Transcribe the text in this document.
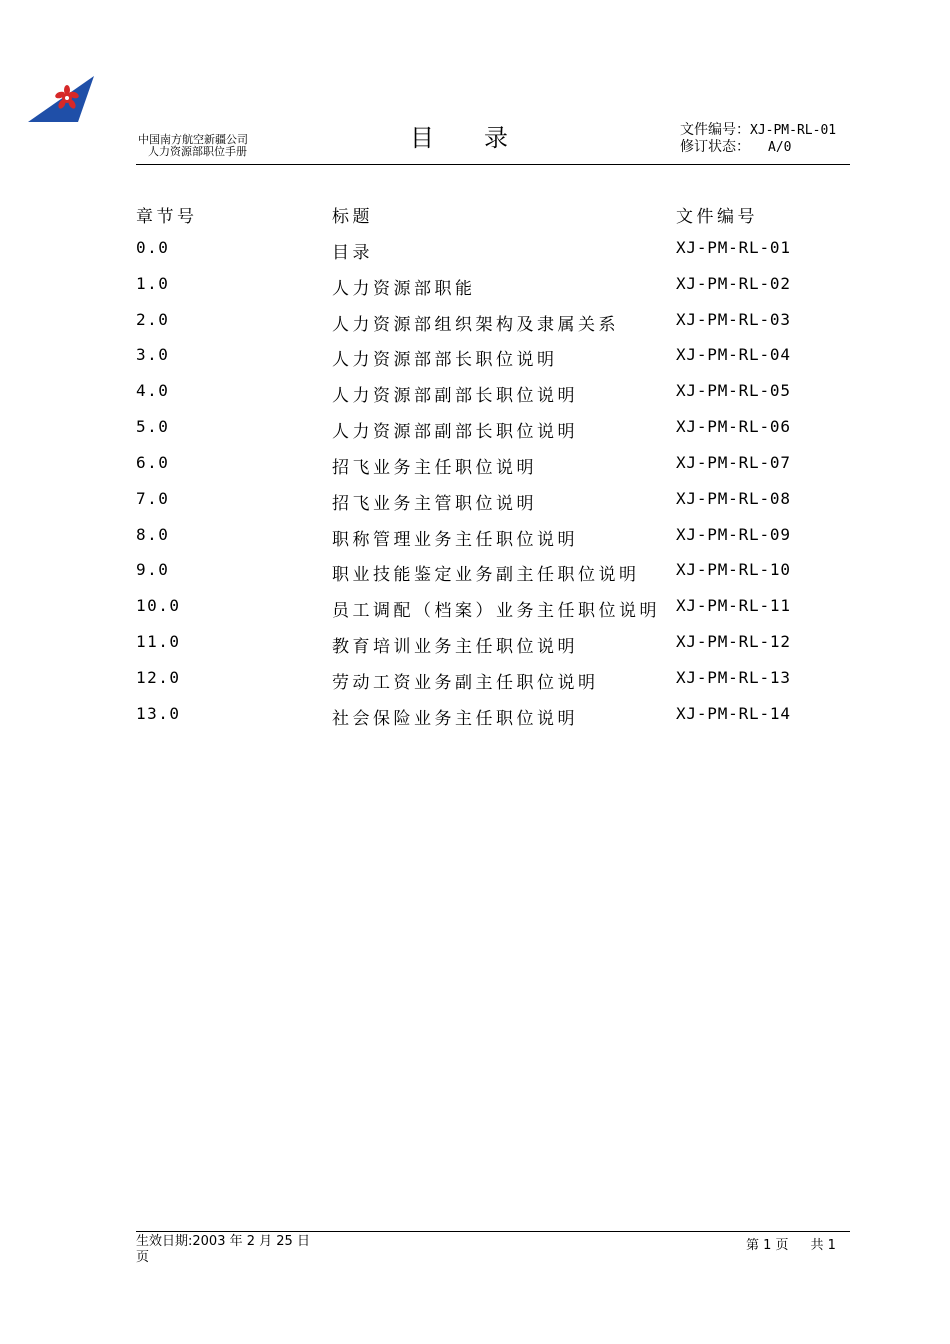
中国南方航空新疆公司
人力资源部职位手册	目录	文件编号：XJ-PM-RL-01
修订状态： A/0
章节号	标题	文件编号
0.0	目录	XJ-PM-RL-01
1.0	人力资源部职能	XJ-PM-RL-02
2.0	人力资源部组织架构及隶属关系	XJ-PM-RL-03
3.0	人力资源部部长职位说明	XJ-PM-RL-04
4.0	人力资源部副部长职位说明	XJ-PM-RL-05
5.0	人力资源部副部长职位说明	XJ-PM-RL-06
6.0	招飞业务主任职位说明	XJ-PM-RL-07
7.0	招飞业务主管职位说明	XJ-PM-RL-08
8.0	职称管理业务主任职位说明	XJ-PM-RL-09
9.0	职业技能鉴定业务副主任职位说明 XJ-PM-RL-10
10.0	员工调配（档案）业务主任职位说明 XJ-PM-RL-11
11.0	教育培训业务主任职位说明	XJ-PM-RL-12
12.0	劳动工资业务副主任职位说明	XJ-PM-RL-13
13.0	社会保险业务主任职位说明	XJ-PM-RL-14
生效日期:2003 年 2 月 25 日
页
第 1 页 共 1
